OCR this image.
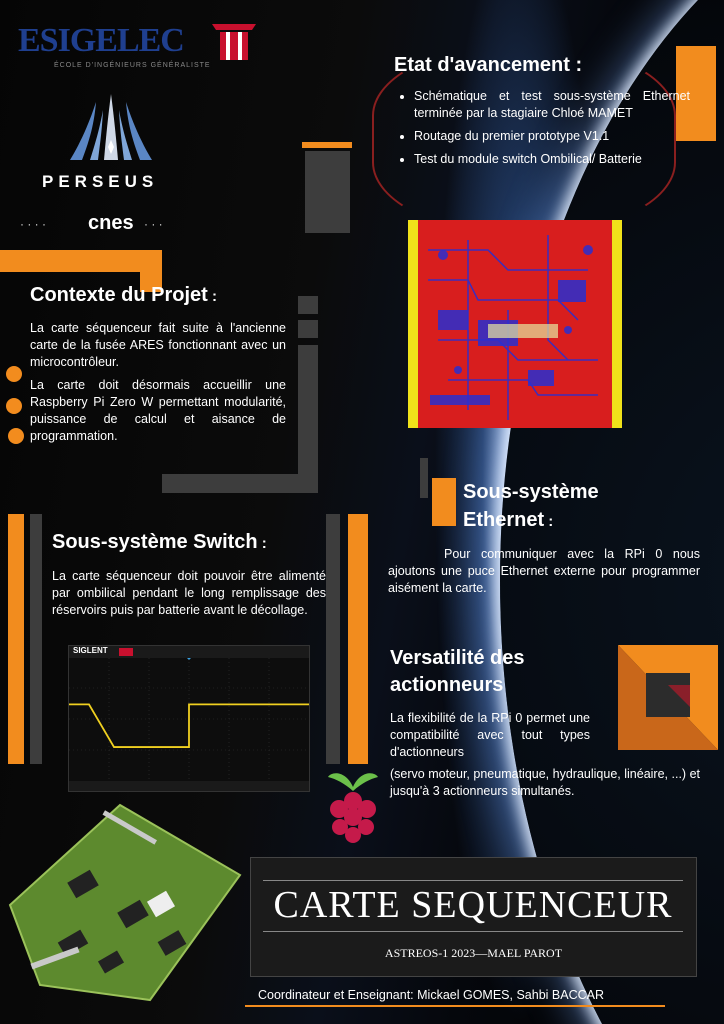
ESIGELEC
ÉCOLE D'INGÉNIEURS GÉNÉRALISTE
PERSEUS
· · · · cnes · · ·
Etat d'avancement :
• Schématique et test sous-système Ethernet terminée par la stagiaire Chloé MAMET
• Routage du premier prototype V1.1
• Test du module switch Ombilical/ Batterie
Contexte du Projet :

La carte séquenceur fait suite à l'ancienne carte de la fusée ARES fonctionnant avec un microcontrôleur.

La carte doit désormais accueillir une Raspberry Pi Zero W permettant modularité, puissance de calcul et aisance de programmation.

Sous-système
Ethernet :
Pour communiquer avec la RPi 0 nous ajoutons une puce Ethernet externe pour programmer aisément la carte.
Sous-système Switch :
La carte séquenceur doit pouvoir être alimenté par ombilical pendant le long remplissage des réservoirs puis par batterie avant le décollage.
SIGLENT	Versatilité des
actionneurs
La flexibilité de la RPi 0 permet une compatibilité avec tout types d'actionneurs
(servo moteur, pneumatique, hydraulique, linéaire, ...) et jusqu'à 3 actionneurs simultanés.
CARTE SEQUENCEUR
ASTREOS-1 2023—MAEL PAROT
Coordinateur et Enseignant: Mickael GOMES, Sahbi BACCAR
